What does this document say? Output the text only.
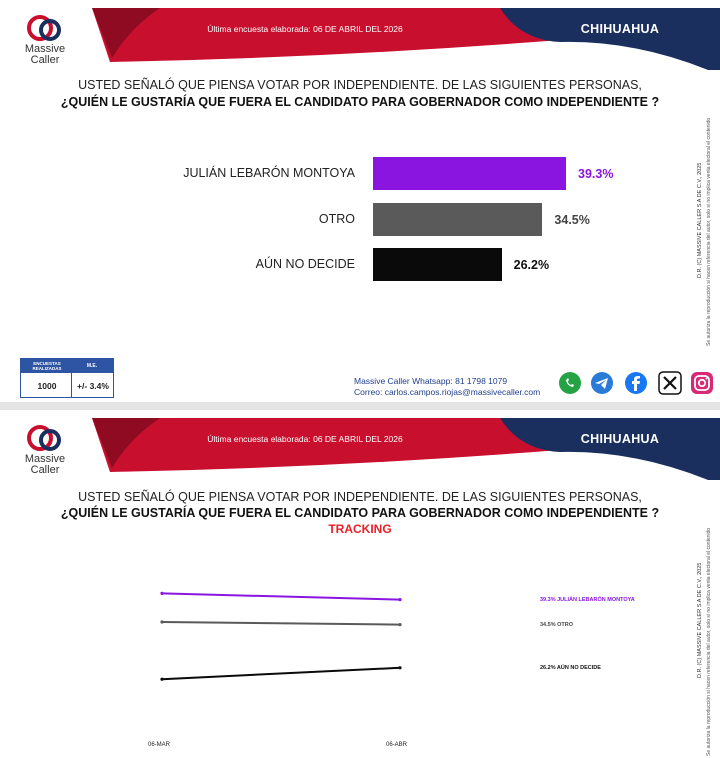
Última encuesta elaborada: 06 DE ABRIL DEL 2026	CHIHUAHUA
Massive
Caller
USTED SEÑALÓ QUE PIENSA VOTAR POR INDEPENDIENTE. DE LAS SIGUIENTES PERSONAS,
¿QUIÉN LE GUSTARÍA QUE FUERA EL CANDIDATO PARA GOBERNADOR COMO INDEPENDIENTE ?
Se autoriza la reproducción si hacen referencia del autor, solo si no implica venta electoral el contenido
D.R. (C) MASSIVE CALLER S.A DE C.V., 2025
JULIÁN LEBARÓN MONTOYA	39.3%
OTRO	34.5%
AÚN NO DECIDE	26.2%
ENCUESTAS REALIZADAS	M.E.
1000	+/- 3.4%	Massive Caller Whatsapp: 81 1798 1079
Correo: carlos.campos.riojas@massivecaller.com
Última encuesta elaborada: 06 DE ABRIL DEL 2026	CHIHUAHUA
Massive
Caller
USTED SEÑALÓ QUE PIENSA VOTAR POR INDEPENDIENTE. DE LAS SIGUIENTES PERSONAS,
¿QUIÉN LE GUSTARÍA QUE FUERA EL CANDIDATO PARA GOBERNADOR COMO INDEPENDIENTE ?
TRACKING	Se autoriza la reproducción si hacen referencia del autor, solo si no implica venta electoral el contenido
D.R. (C) MASSIVE CALLER S.A DE C.V., 2025
39.3% JULIÁN LEBARÓN MONTOYA
34.5% OTRO
26.2% AÚN NO DECIDE
06-MAR	06-ABR
